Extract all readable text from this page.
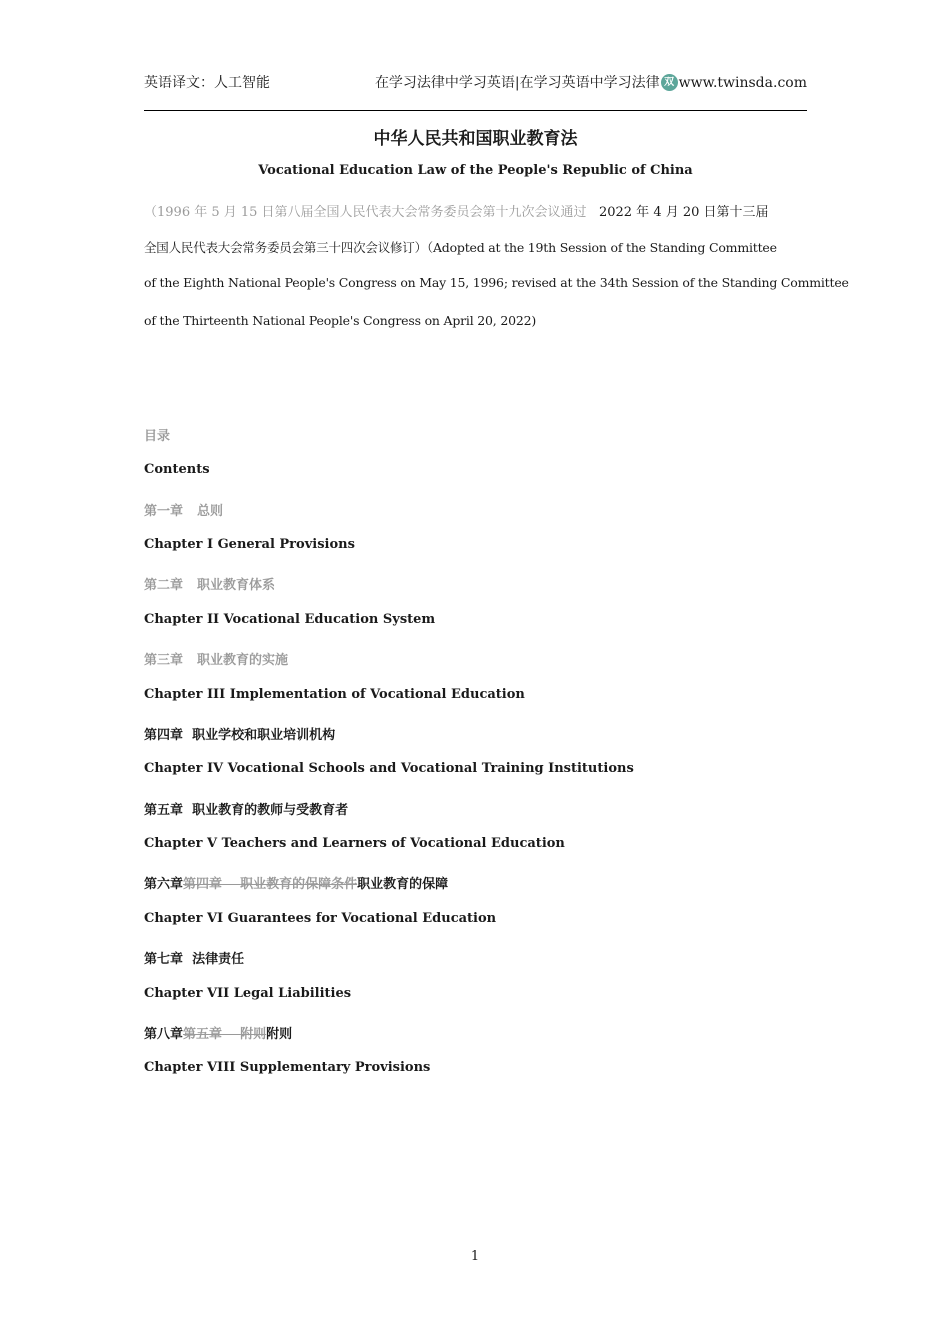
英语译文：人工智能	在学习法律中学习英语|在学习英语中学习法律 双 www.twinsda.com
中华人民共和国职业教育法
Vocational Education Law of the People's Republic of China
（1996 年 5 月 15 日第八届全国人民代表大会常务委员会第十九次会议通过 2022 年 4 月 20 日第十三届
全国人民代表大会常务委员会第三十四次会议修订）（Adopted at the 19th Session of the Standing Committee
of the Eighth National People's Congress on May 15, 1996; revised at the 34th Session of the Standing Committee
of the Thirteenth National People's Congress on April 20, 2022)
目录
Contents
第一章 总则
Chapter I General Provisions
第二章 职业教育体系
Chapter II Vocational Education System
第三章 职业教育的实施
Chapter III Implementation of Vocational Education
第四章 职业学校和职业培训机构
Chapter IV Vocational Schools and Vocational Training Institutions
第五章 职业教育的教师与受教育者
Chapter V Teachers and Learners of Vocational Education
第六章第四章 职业教育的保障条件职业教育的保障
Chapter VI Guarantees for Vocational Education
第七章 法律责任
Chapter VII Legal Liabilities
第八章第五章 附则附则
Chapter VIII Supplementary Provisions
1
